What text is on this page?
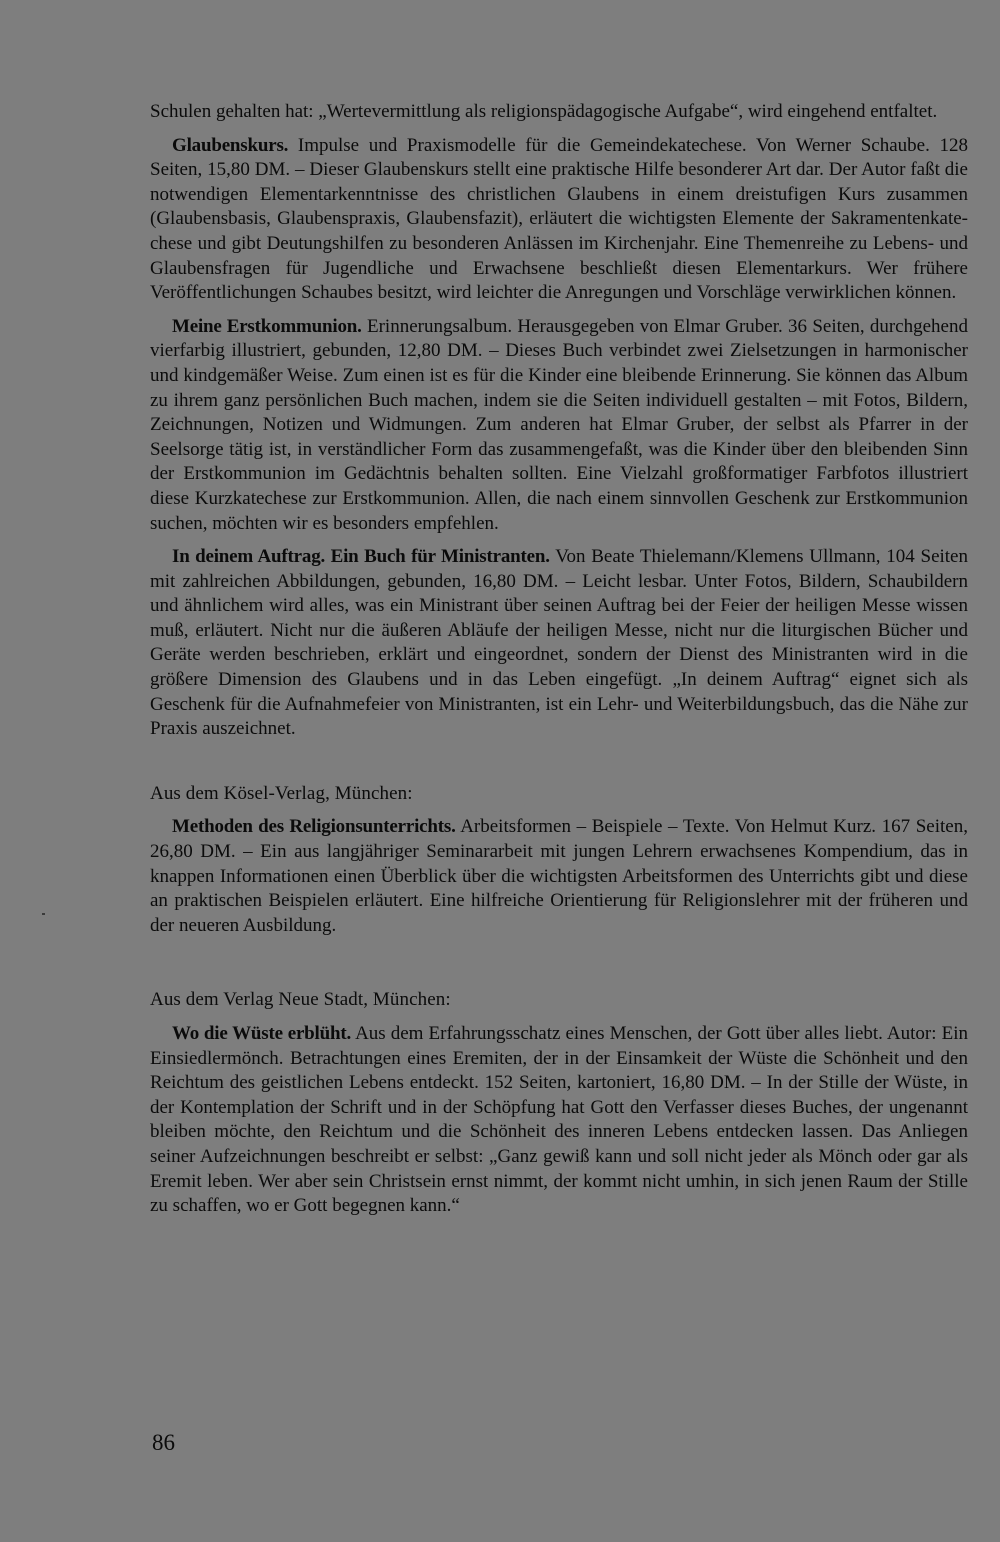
Schulen gehalten hat: „Wertevermittlung als religionspädagogische Aufgabe“, wird eingehend entfaltet.

Glaubenskurs. Impulse und Praxismodelle für die Gemeindekatechese. Von Werner Schaube. 128 Seiten, 15,80 DM. – Dieser Glaubenskurs stellt eine praktische Hilfe besonderer Art dar. Der Autor faßt die notwendigen Elementarkenntnisse des christlichen Glaubens in einem dreistufigen Kurs zusammen (Glaubensbasis, Glaubenspraxis, Glaubensfazit), erläutert die wichtigsten Elemente der Sakramentenkatechese und gibt Deutungshilfen zu besonderen Anlässen im Kirchenjahr. Eine Themenreihe zu Lebens- und Glaubensfragen für Jugendliche und Erwachsene beschließt diesen Elementarkurs. Wer frühere Veröffentlichungen Schaubes besitzt, wird leichter die Anregungen und Vorschläge verwirklichen können.

Meine Erstkommunion. Erinnerungsalbum. Herausgegeben von Elmar Gruber. 36 Seiten, durchgehend vierfarbig illustriert, gebunden, 12,80 DM. – Dieses Buch verbindet zwei Zielsetzungen in harmonischer und kindgemäßer Weise. Zum einen ist es für die Kinder eine bleibende Erinnerung. Sie können das Album zu ihrem ganz persönlichen Buch machen, indem sie die Seiten individuell gestalten – mit Fotos, Bildern, Zeichnungen, Notizen und Widmungen. Zum anderen hat Elmar Gruber, der selbst als Pfarrer in der Seelsorge tätig ist, in verständlicher Form das zusammengefaßt, was die Kinder über den bleibenden Sinn der Erstkommunion im Gedächtnis behalten sollten. Eine Vielzahl großformatiger Farbfotos illustriert diese Kurzkatechese zur Erstkommunion. Allen, die nach einem sinnvollen Geschenk zur Erstkommunion suchen, möchten wir es besonders empfehlen.

In deinem Auftrag. Ein Buch für Ministranten. Von Beate Thielemann/Klemens Ullmann, 104 Seiten mit zahlreichen Abbildungen, gebunden, 16,80 DM. – Leicht lesbar. Unter Fotos, Bildern, Schaubildern und ähnlichem wird alles, was ein Ministrant über seinen Auftrag bei der Feier der heiligen Messe wissen muß, erläutert. Nicht nur die äußeren Abläufe der heiligen Messe, nicht nur die liturgischen Bücher und Geräte werden beschrieben, erklärt und eingeordnet, sondern der Dienst des Ministranten wird in die größere Dimension des Glaubens und in das Leben eingefügt. „In deinem Auftrag“ eignet sich als Geschenk für die Aufnahmefeier von Ministranten, ist ein Lehr- und Weiterbildungsbuch, das die Nähe zur Praxis auszeichnet.

Aus dem Kösel-Verlag, München:

Methoden des Religionsunterrichts. Arbeitsformen – Beispiele – Texte. Von Helmut Kurz. 167 Seiten, 26,80 DM. – Ein aus langjähriger Seminararbeit mit jungen Lehrern erwachsenes Kompendium, das in knappen Informationen einen Überblick über die wichtigsten Arbeitsformen des Unterrichts gibt und diese an praktischen Beispielen erläutert. Eine hilfreiche Orientierung für Religionslehrer mit der früheren und der neueren Ausbildung.

Aus dem Verlag Neue Stadt, München:

Wo die Wüste erblüht. Aus dem Erfahrungsschatz eines Menschen, der Gott über alles liebt. Autor: Ein Einsiedlermönch. Betrachtungen eines Eremiten, der in der Einsamkeit der Wüste die Schönheit und den Reichtum des geistlichen Lebens entdeckt. 152 Seiten, kartoniert, 16,80 DM. – In der Stille der Wüste, in der Kontemplation der Schrift und in der Schöpfung hat Gott den Verfasser dieses Buches, der ungenannt bleiben möchte, den Reichtum und die Schönheit des inneren Lebens entdecken lassen. Das Anliegen seiner Aufzeichnungen beschreibt er selbst: „Ganz gewiß kann und soll nicht jeder als Mönch oder gar als Eremit leben. Wer aber sein Christsein ernst nimmt, der kommt nicht umhin, in sich jenen Raum der Stille zu schaffen, wo er Gott begegnen kann.“

86
